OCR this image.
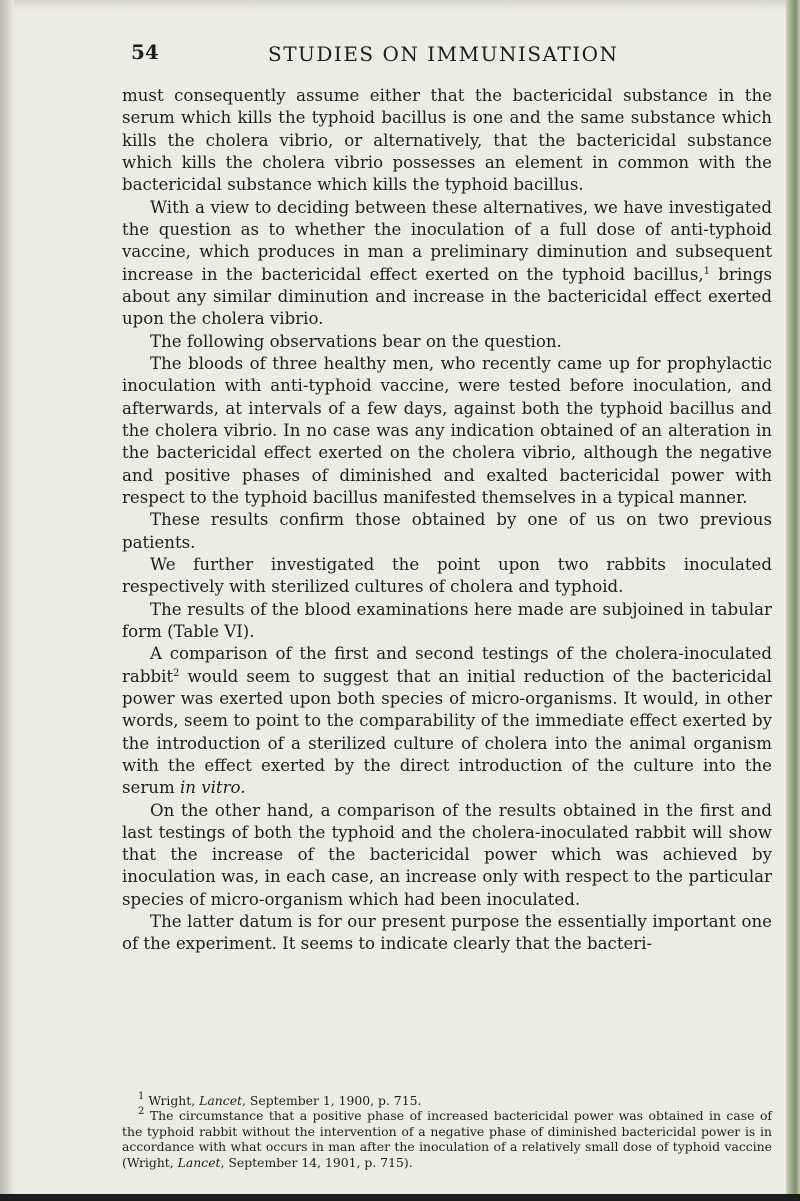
54	STUDIES ON IMMUNISATION

must consequently assume either that the bactericidal substance in the serum which kills the typhoid bacillus is one and the same substance which kills the cholera vibrio, or alternatively, that the bactericidal substance which kills the cholera vibrio possesses an element in common with the bactericidal substance which kills the typhoid bacillus.

With a view to deciding between these alternatives, we have investigated the question as to whether the inoculation of a full dose of anti-typhoid vaccine, which produces in man a preliminary diminution and subsequent increase in the bactericidal effect exerted on the typhoid bacillus,$^1$ brings about any similar diminution and increase in the bactericidal effect exerted upon the cholera vibrio.

The following observations bear on the question.

The bloods of three healthy men, who recently came up for prophylactic inoculation with anti-typhoid vaccine, were tested before inoculation, and afterwards, at intervals of a few days, against both the typhoid bacillus and the cholera vibrio. In no case was any indication obtained of an alteration in the bactericidal effect exerted on the cholera vibrio, although the negative and positive phases of diminished and exalted bactericidal power with respect to the typhoid bacillus manifested themselves in a typical manner.

These results confirm those obtained by one of us on two previous patients.

We further investigated the point upon two rabbits inoculated respectively with sterilized cultures of cholera and typhoid.

The results of the blood examinations here made are subjoined in tabular form (Table VI).

A comparison of the first and second testings of the cholera-inoculated rabbit$^2$ would seem to suggest that an initial reduction of the bactericidal power was exerted upon both species of micro-organisms. It would, in other words, seem to point to the comparability of the immediate effect exerted by the introduction of a sterilized culture of cholera into the animal organism with the effect exerted by the direct introduction of the culture into the serum in vitro.

On the other hand, a comparison of the results obtained in the first and last testings of both the typhoid and the cholera-inoculated rabbit will show that the increase of the bactericidal power which was achieved by inoculation was, in each case, an increase only with respect to the particular species of micro-organism which had been inoculated.

The latter datum is for our present purpose the essentially important one of the experiment. It seems to indicate clearly that the bacteri-

$^1$ Wright, Lancet, September 1, 1900, p. 715.

$^2$ The circumstance that a positive phase of increased bactericidal power was obtained in case of the typhoid rabbit without the intervention of a negative phase of diminished bactericidal power is in accordance with what occurs in man after the inoculation of a relatively small dose of typhoid vaccine (Wright, Lancet, September 14, 1901, p. 715).
